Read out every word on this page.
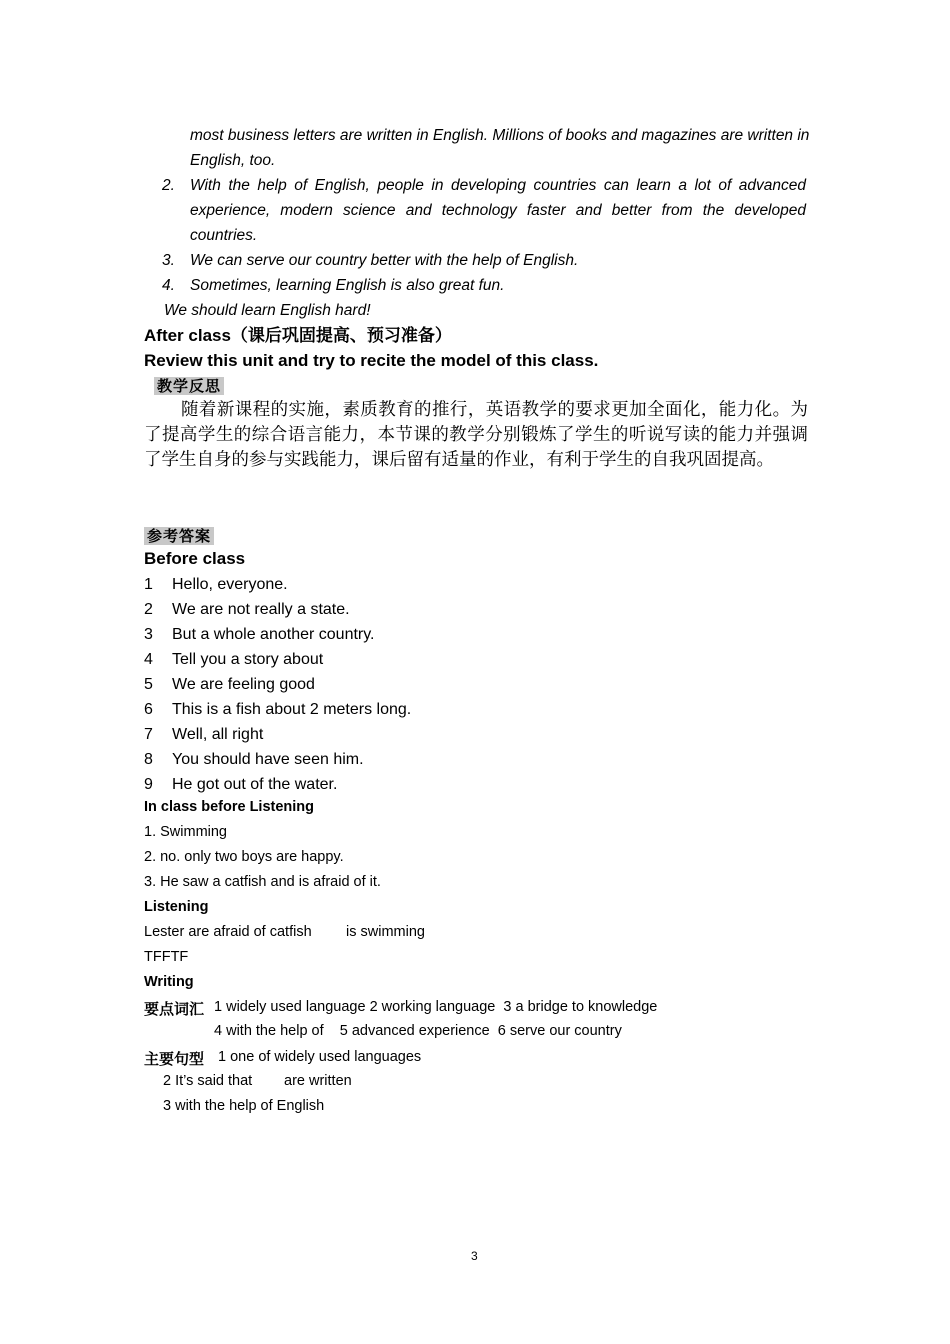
most business letters are written in English. Millions of books and magazines are written in
English, too.
2. With the help of English, people in developing countries can learn a lot of advanced experience, modern science and technology faster and better from the developed countries.
3. We can serve our country better with the help of English.
4. Sometimes, learning English is also great fun.
We should learn English hard!
After class（课后巩固提高、预习准备）
Review this unit and try to recite the model of this class.
教学反思
随着新课程的实施，素质教育的推行，英语教学的要求更加全面化，能力化。为了提高学生的综合语言能力，本节课的教学分别锻炼了学生的听说写读的能力并强调了学生自身的参与实践能力，课后留有适量的作业，有利于学生的自我巩固提高。
参考答案
Before class
1 Hello, everyone.
2 We are not really a state.
3 But a whole another country.
4 Tell you a story about
5 We are feeling good
6 This is a fish about 2 meters long.
7 Well, all right
8 You should have seen him.
9 He got out of the water.
In class before Listening
1. Swimming
2. no. only two boys are happy.
3. He saw a catfish and is afraid of it.
Listening
Lester are afraid of catfish is swimming
TFFTF
Writing
要点词汇 1 widely used language 2 working language  3 a bridge to knowledge
4 with the help of    5 advanced experience  6 serve our country
主要句型 1 one of widely used languages
2 It’s said that are written
3 with the help of English
3
